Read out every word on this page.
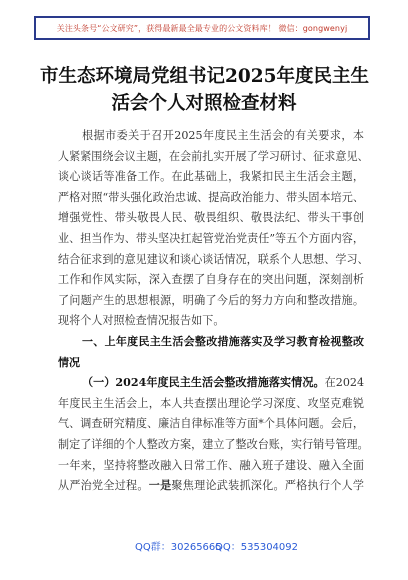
关注头条号“公文研究”，获得最新最全最专业的公文资料库！ 微信： gongwenyj
市生态环境局党组书记2025年度民主生
活会个人对照检查材料

根据市委关于召开2025年度民主生活会的有关要求，本
人紧紧围绕会议主题，在会前扎实开展了学习研讨、征求意见、
谈心谈话等准备工作。在此基础上，我紧扣民主生活会主题，
严格对照“带头强化政治忠诚、提高政治能力、带头固本培元、
增强党性、带头敬畏人民、敬畏组织、敬畏法纪、带头干事创
业、担当作为、带头坚决扛起管党治党责任”等五个方面内容，
结合征求到的意见建议和谈心谈话情况，联系个人思想、学习、
工作和作风实际，深入查摆了自身存在的突出问题，深刻剖析
了问题产生的思想根源，明确了今后的努力方向和整改措施。
现将个人对照检查情况报告如下。

一、上年度民主生活会整改措施落实及学习教育检视整改
情况

（一）2024年度民主生活会整改措施落实情况。在2024
年度民主生活会上，本人共查摆出理论学习深度、攻坚克难锐
气、调查研究精度、廉洁自律标准等方面*个具体问题。会后，
制定了详细的个人整改方案，建立了整改台账，实行销号管理。
一年来，坚持将整改融入日常工作、融入班子建设、融入全面
从严治党全过程。一是聚焦理论武装抓深化。严格执行个人学

QQ群：30265665
QQ：535304092
